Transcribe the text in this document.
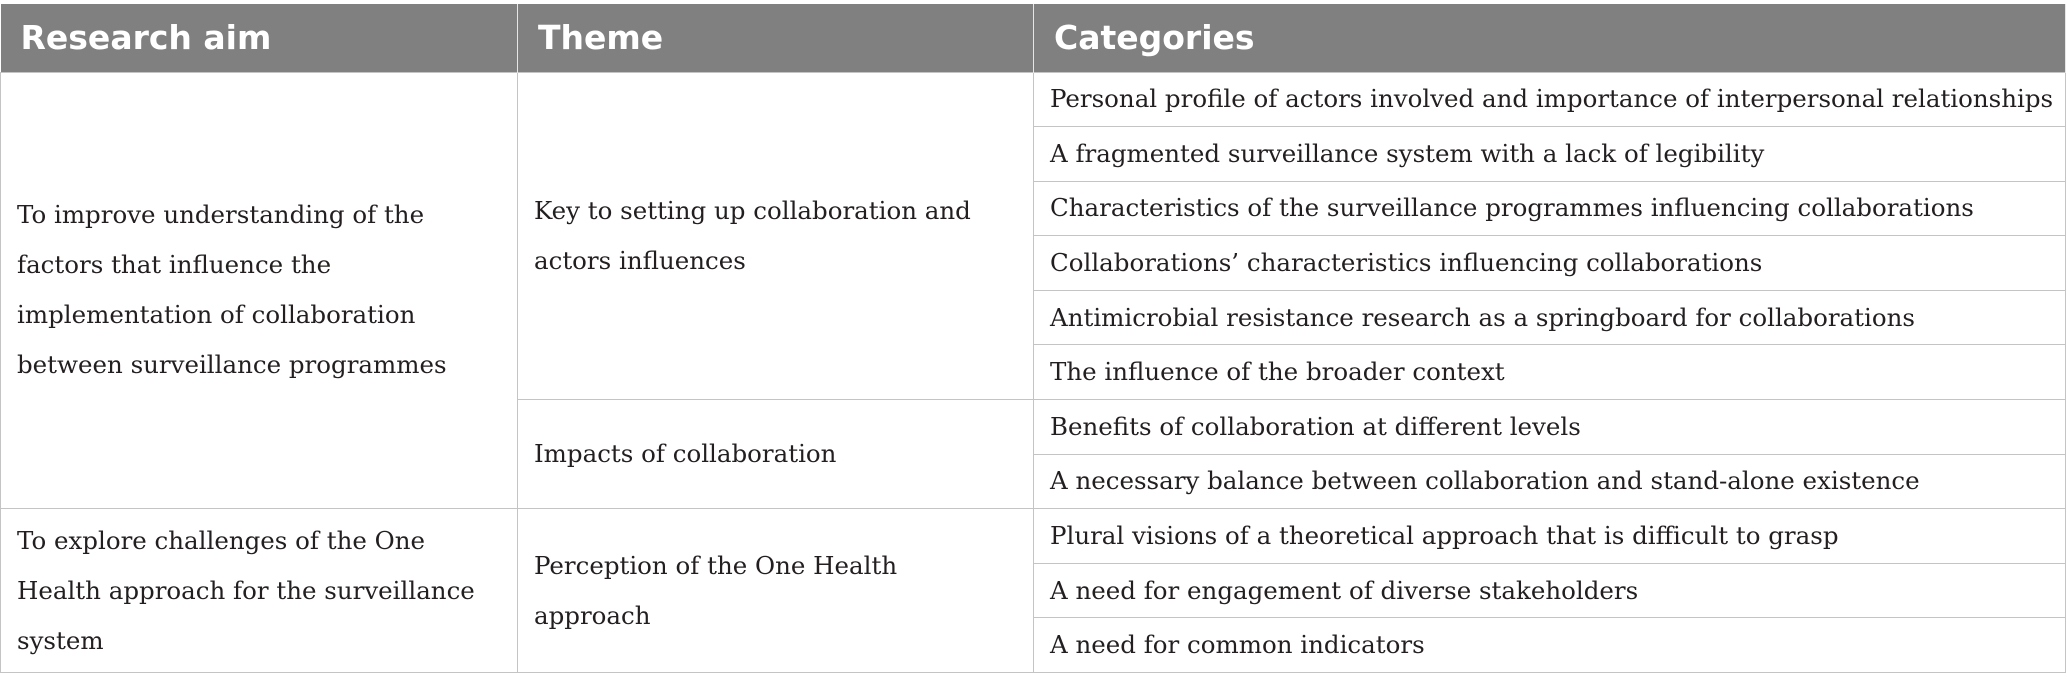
Research aim	Theme	Categories
To improve understanding of the factors that influence the implementation of collaboration between surveillance programmes	Key to setting up collaboration and actors influences	Personal profile of actors involved and importance of interpersonal relationships
		A fragmented surveillance system with a lack of legibility
		Characteristics of the surveillance programmes influencing collaborations
		Collaborations’ characteristics influencing collaborations
		Antimicrobial resistance research as a springboard for collaborations
		The influence of the broader context
	Impacts of collaboration	Benefits of collaboration at different levels
		A necessary balance between collaboration and stand-alone existence
To explore challenges of the One Health approach for the surveillance system	Perception of the One Health approach	Plural visions of a theoretical approach that is difficult to grasp
		A need for engagement of diverse stakeholders
		A need for common indicators
